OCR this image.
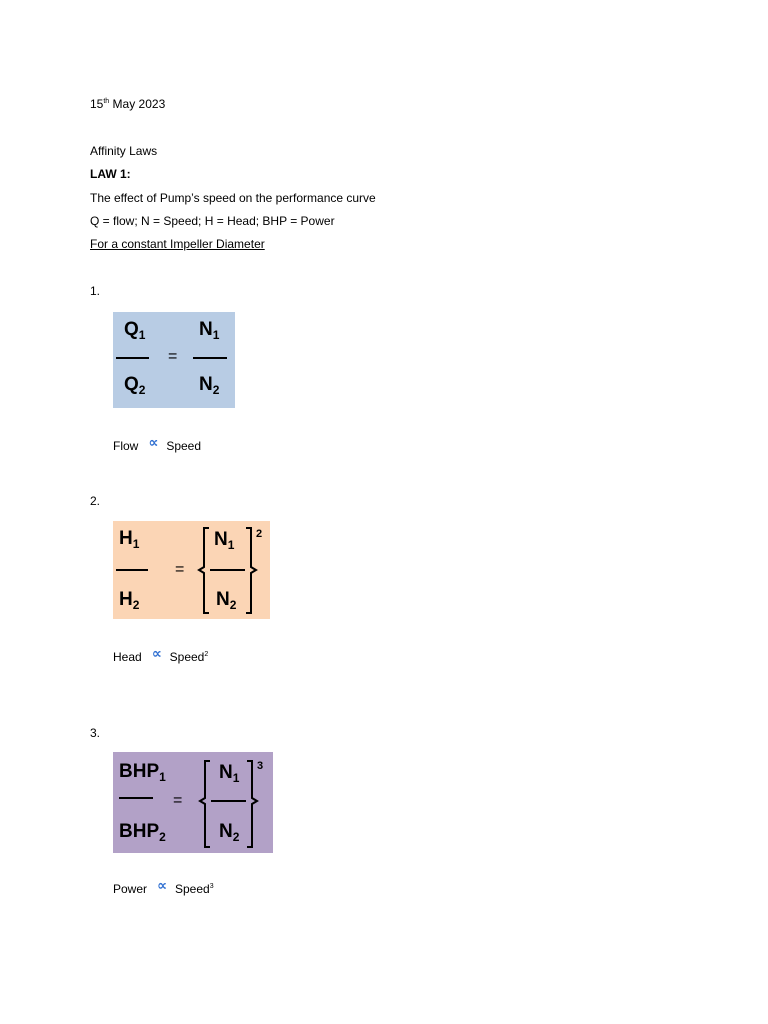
15th May 2023
Affinity Laws
LAW 1:
The effect of Pump’s speed on the performance curve
Q = flow; N = Speed; H = Head; BHP = Power
For a constant Impeller Diameter
1.
$Q_1$
=
$Q_2$
$N_1$
$N_2$
Flow ∝ Speed
2.
$H_1$
$H_2$
=
$N_1$
$N_2$
2
Head ∝ Speed$^2$
3.
$BHP_1$
$BHP_2$
=
$N_1$
$N_2$
3
Power ∝ Speed$^3$
